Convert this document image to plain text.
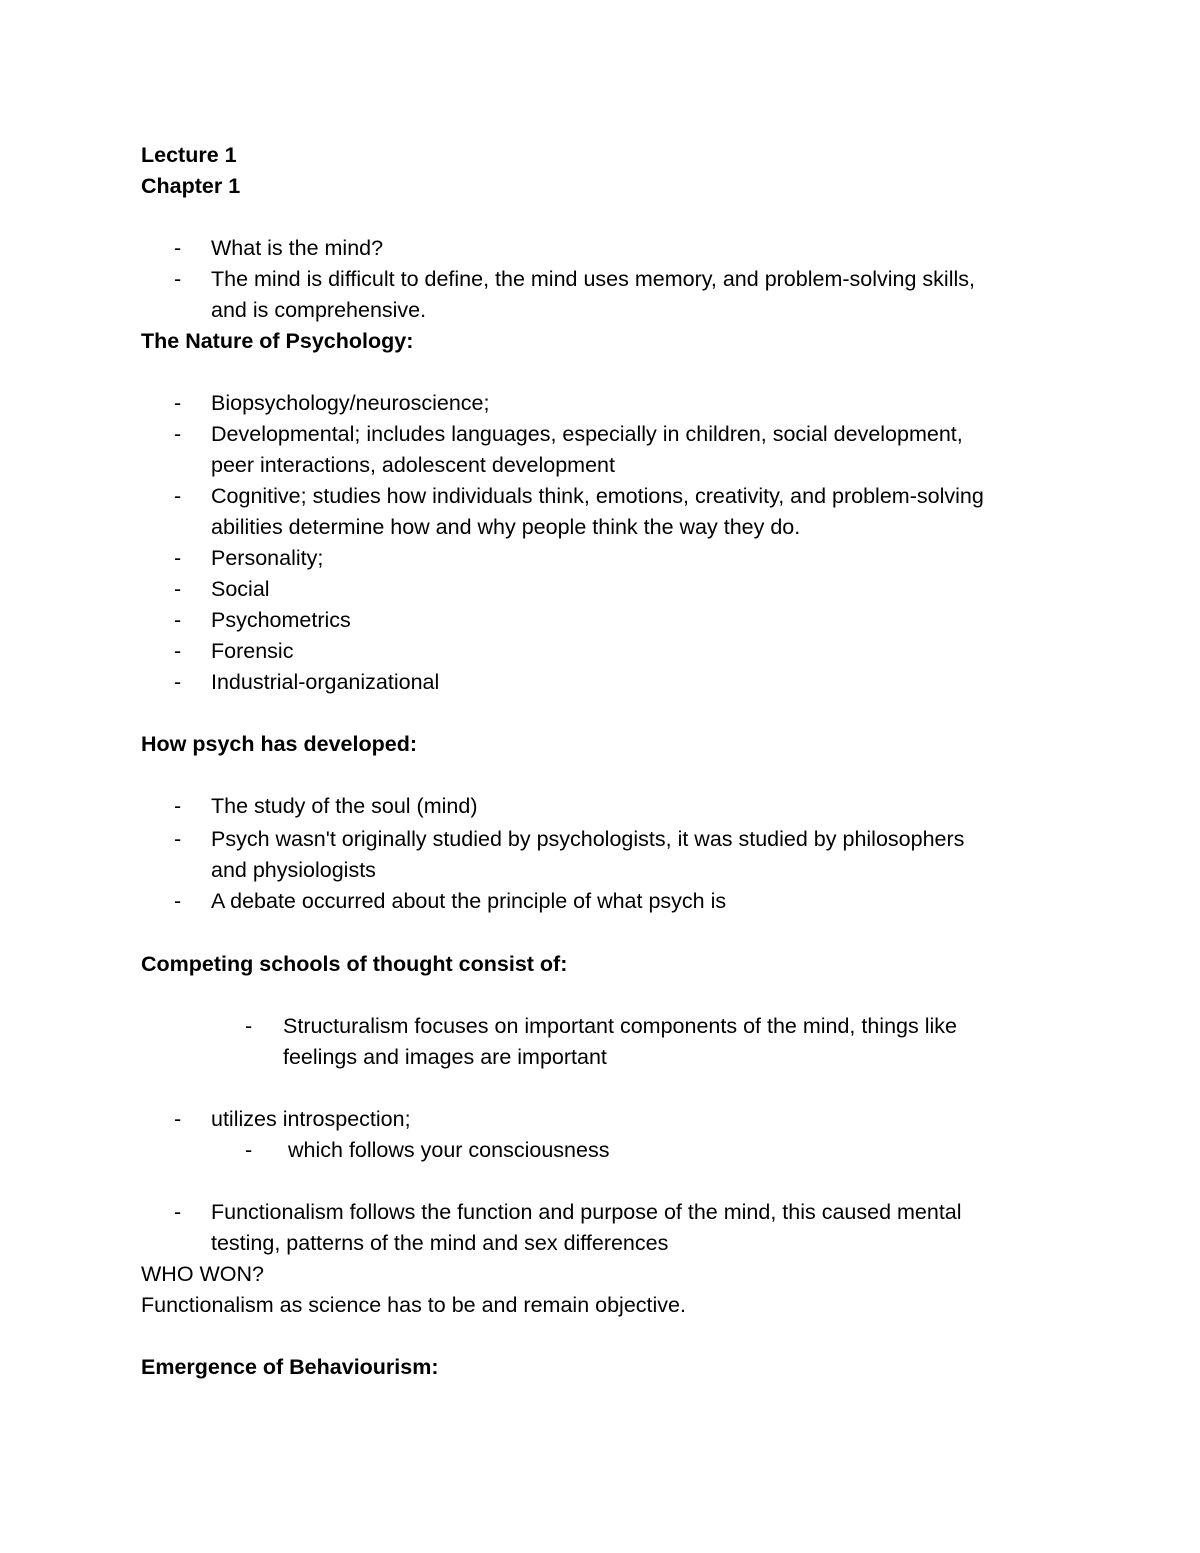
Lecture 1
Chapter 1
- What is the mind?
- The mind is difficult to define, the mind uses memory, and problem-solving skills,
and is comprehensive.
The Nature of Psychology:
- Biopsychology/neuroscience;
- Developmental; includes languages, especially in children, social development,
peer interactions, adolescent development
- Cognitive; studies how individuals think, emotions, creativity, and problem-solving
abilities determine how and why people think the way they do.
- Personality;
- Social
- Psychometrics
- Forensic
- Industrial-organizational
How psych has developed:
- The study of the soul (mind)
- Psych wasn't originally studied by psychologists, it was studied by philosophers
and physiologists
- A debate occurred about the principle of what psych is
Competing schools of thought consist of:
- Structuralism focuses on important components of the mind, things like
feelings and images are important
- utilizes introspection;
- which follows your consciousness
- Functionalism follows the function and purpose of the mind, this caused mental
testing, patterns of the mind and sex differences
WHO WON?
Functionalism as science has to be and remain objective.
Emergence of Behaviourism:
